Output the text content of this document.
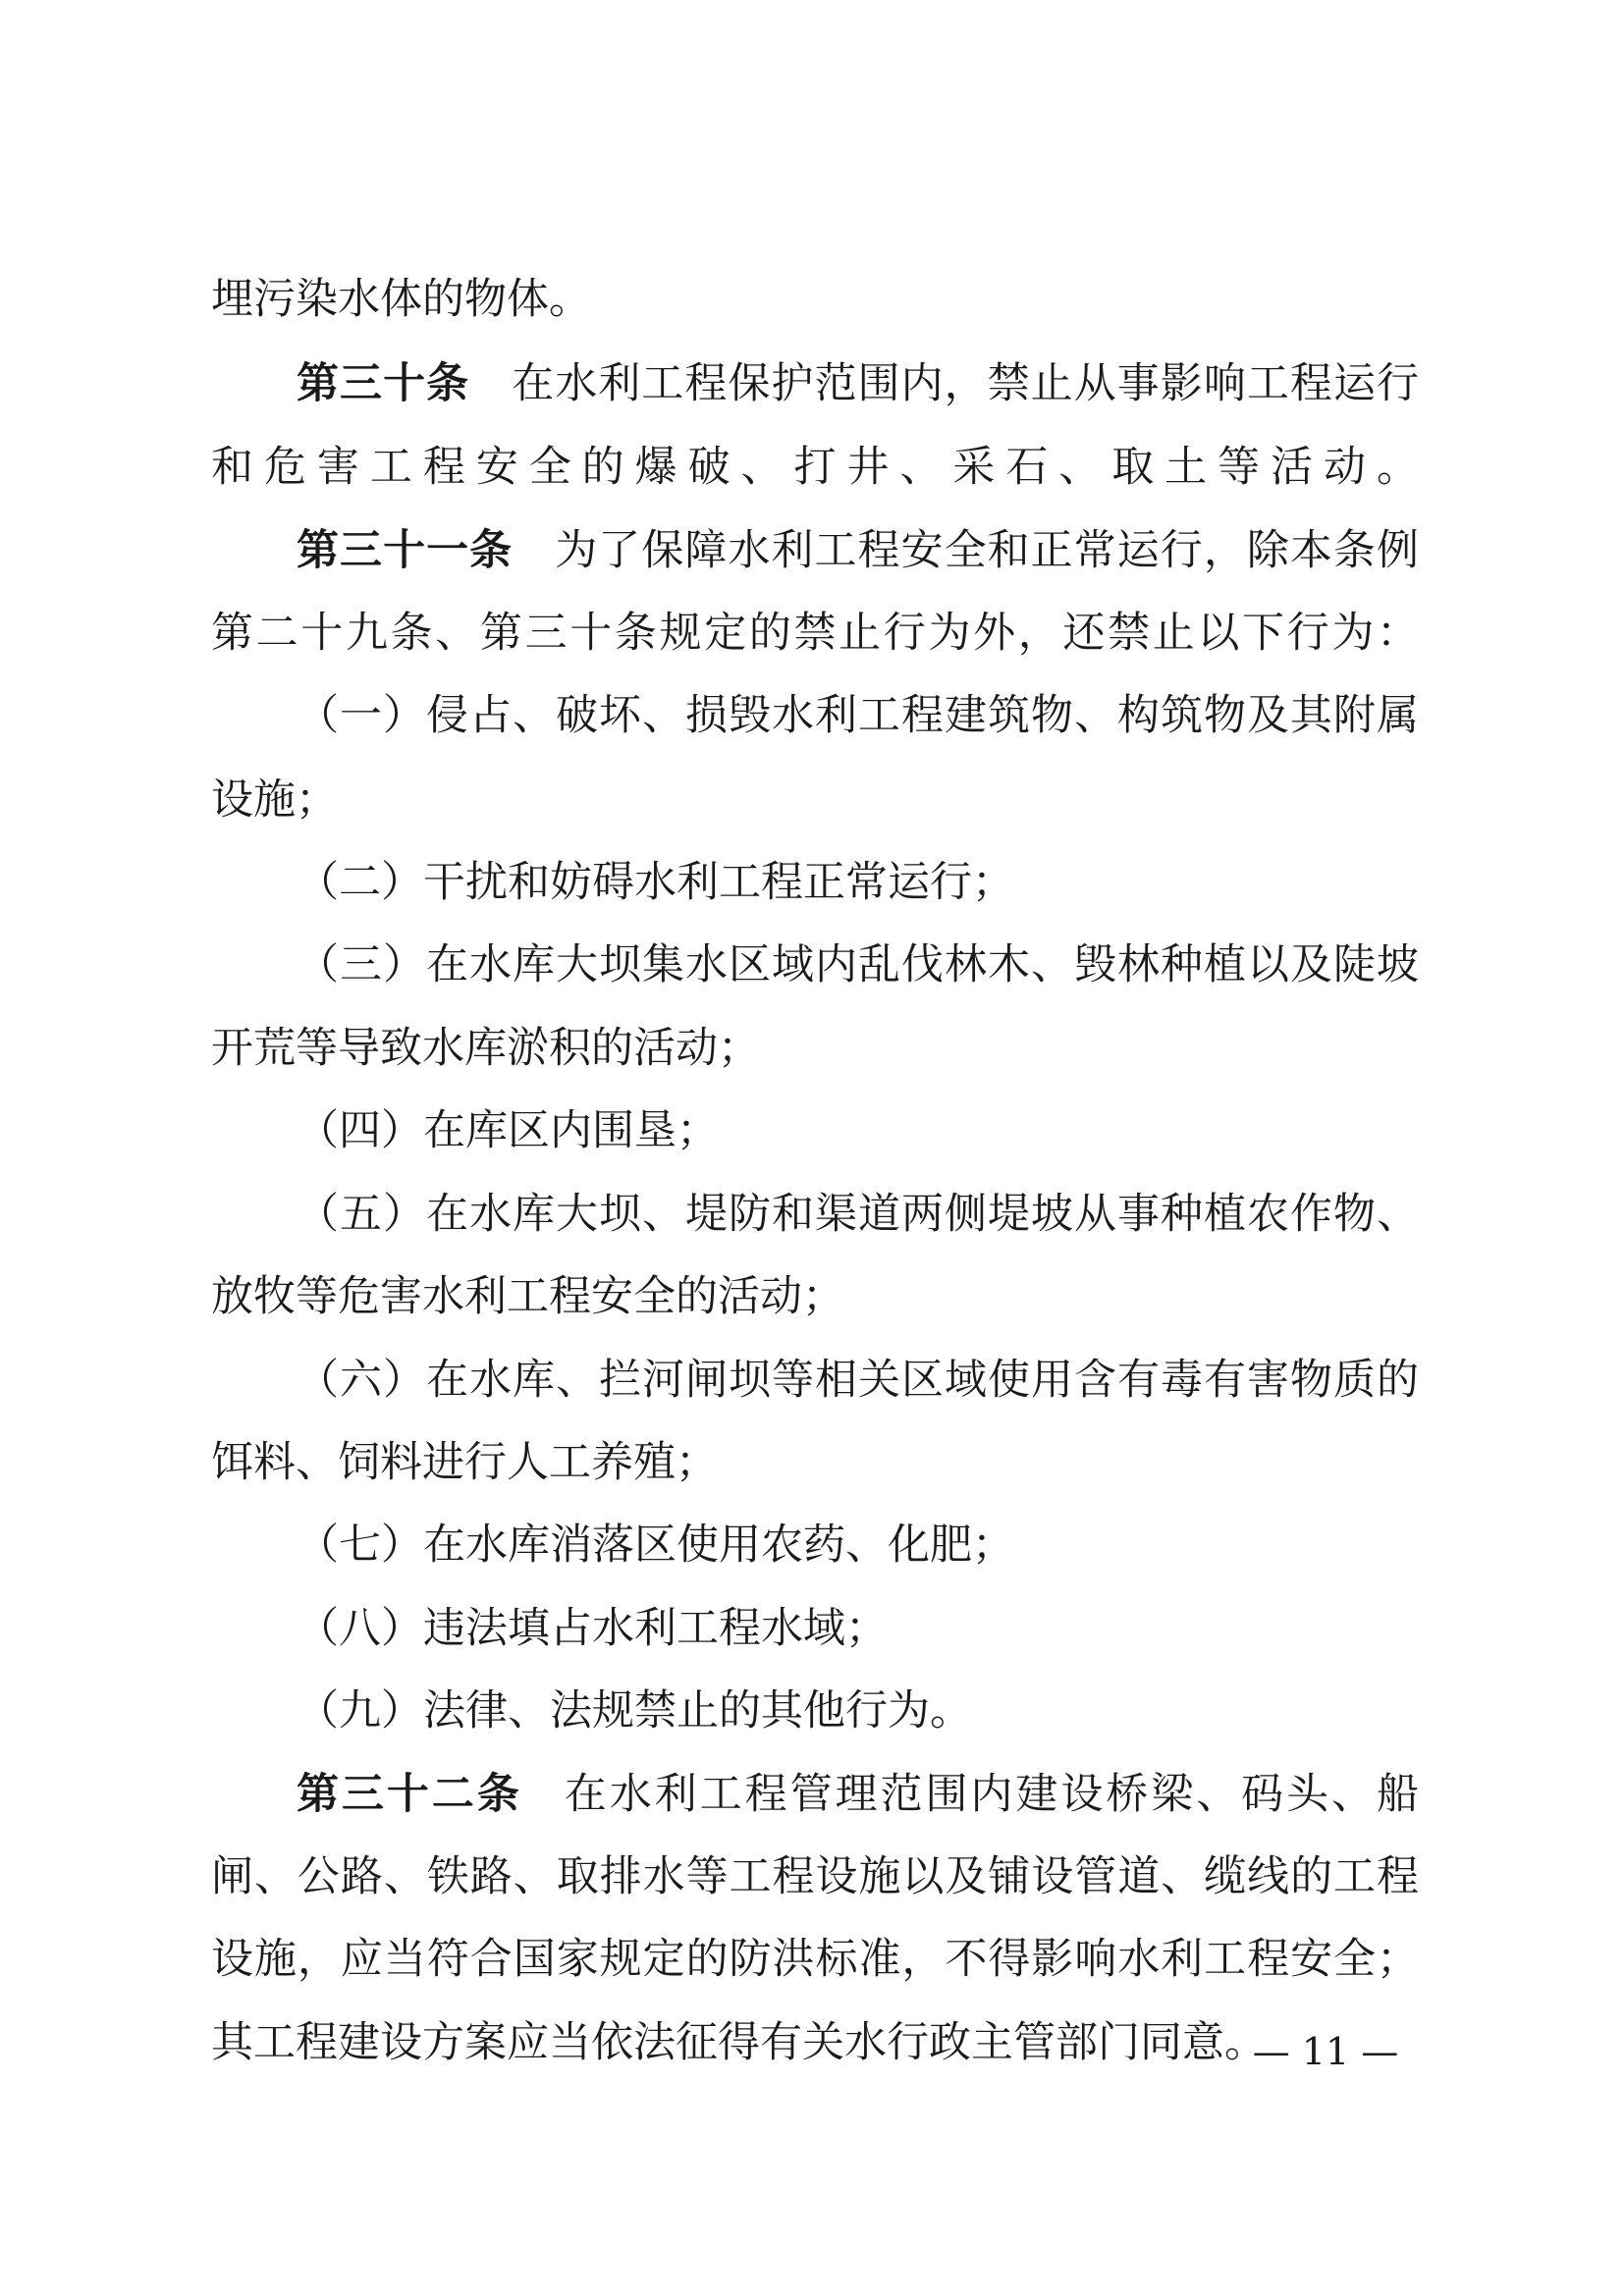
埋污染水体的物体。
第三十条 在水利工程保护范围内，禁止从事影响工程运行
和危害工程安全的爆破、打井、采石、取土等活动。
第三十一条 为了保障水利工程安全和正常运行，除本条例
第二十九条、第三十条规定的禁止行为外，还禁止以下行为：
（一）侵占、破坏、损毁水利工程建筑物、构筑物及其附属
设施；
（二）干扰和妨碍水利工程正常运行；
（三）在水库大坝集水区域内乱伐林木、毁林种植以及陡坡
开荒等导致水库淤积的活动；
（四）在库区内围垦；
（五）在水库大坝、堤防和渠道两侧堤坡从事种植农作物、
放牧等危害水利工程安全的活动；
（六）在水库、拦河闸坝等相关区域使用含有毒有害物质的
饵料、饲料进行人工养殖；
（七）在水库消落区使用农药、化肥；
（八）违法填占水利工程水域；
（九）法律、法规禁止的其他行为。
第三十二条 在水利工程管理范围内建设桥梁、码头、船
闸、公路、铁路、取排水等工程设施以及铺设管道、缆线的工程
设施，应当符合国家规定的防洪标准，不得影响水利工程安全；
其工程建设方案应当依法征得有关水行政主管部门同意。
— 11 —
